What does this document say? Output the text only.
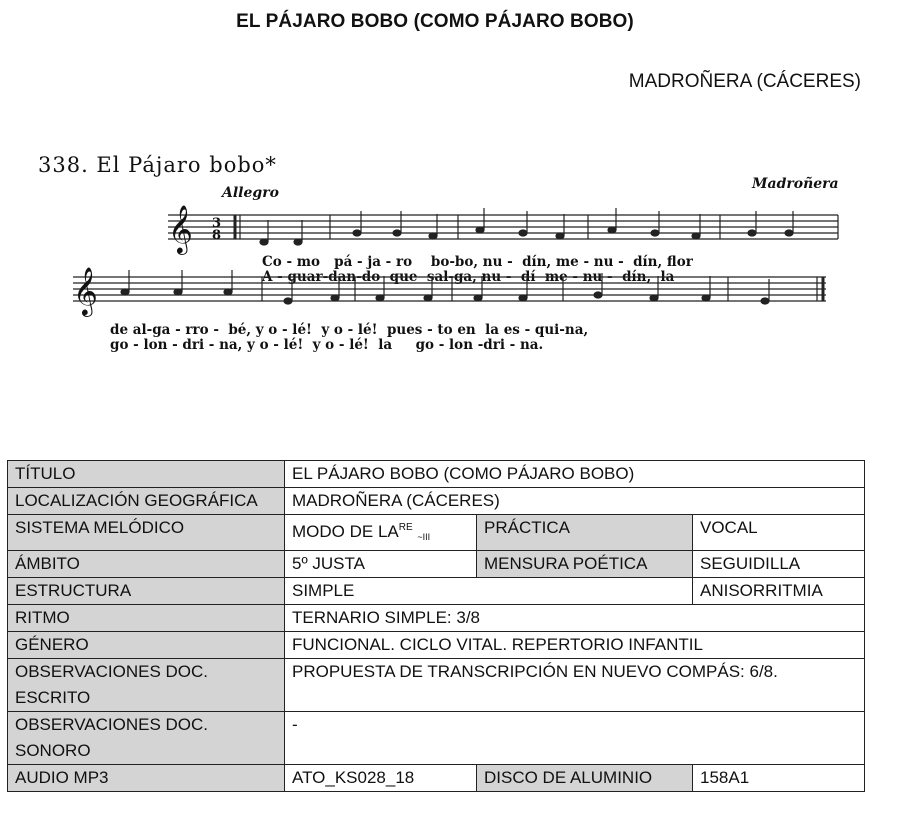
EL PÁJARO BOBO (COMO PÁJARO BOBO)
MADROÑERA (CÁCERES)
338. El Pájaro bobo*
Allegro
Madroñera
𝄞 3
8
Co - mo   pá - ja - ro    bo-bo, nu -  dín, me - nu -  dín, flor
A - guar-dan-do  que  sal-ga, nu -  dí  me - nu -  dín,  la
𝄞
de al-ga - rro -  bé, y o - lé!  y o - lé!  pues - to en  la es - qui-na,
go - lon - dri - na, y o - lé!  y o - lé!  la     go - lon -dri - na.
TÍTULO	EL PÁJARO BOBO (COMO PÁJARO BOBO)		
LOCALIZACIÓN GEOGRÁFICA	MADROÑERA (CÁCERES)		
SISTEMA MELÓDICO	MODO DE $LA^{RE}$ $_{\sim III}$	PRÁCTICA	VOCAL
ÁMBITO	5º JUSTA	MENSURA POÉTICA	SEGUIDILLA
ESTRUCTURA	SIMPLE		ANISORRITMIA
RITMO	TERNARIO SIMPLE: 3/8		
GÉNERO	FUNCIONAL. CICLO VITAL. REPERTORIO INFANTIL		
OBSERVACIONES DOC.
ESCRITO	PROPUESTA DE TRANSCRIPCIÓN EN NUEVO COMPÁS: 6/8.		
OBSERVACIONES DOC.
SONORO	-		
AUDIO MP3	ATO_KS028_18	DISCO DE ALUMINIO	158A1
